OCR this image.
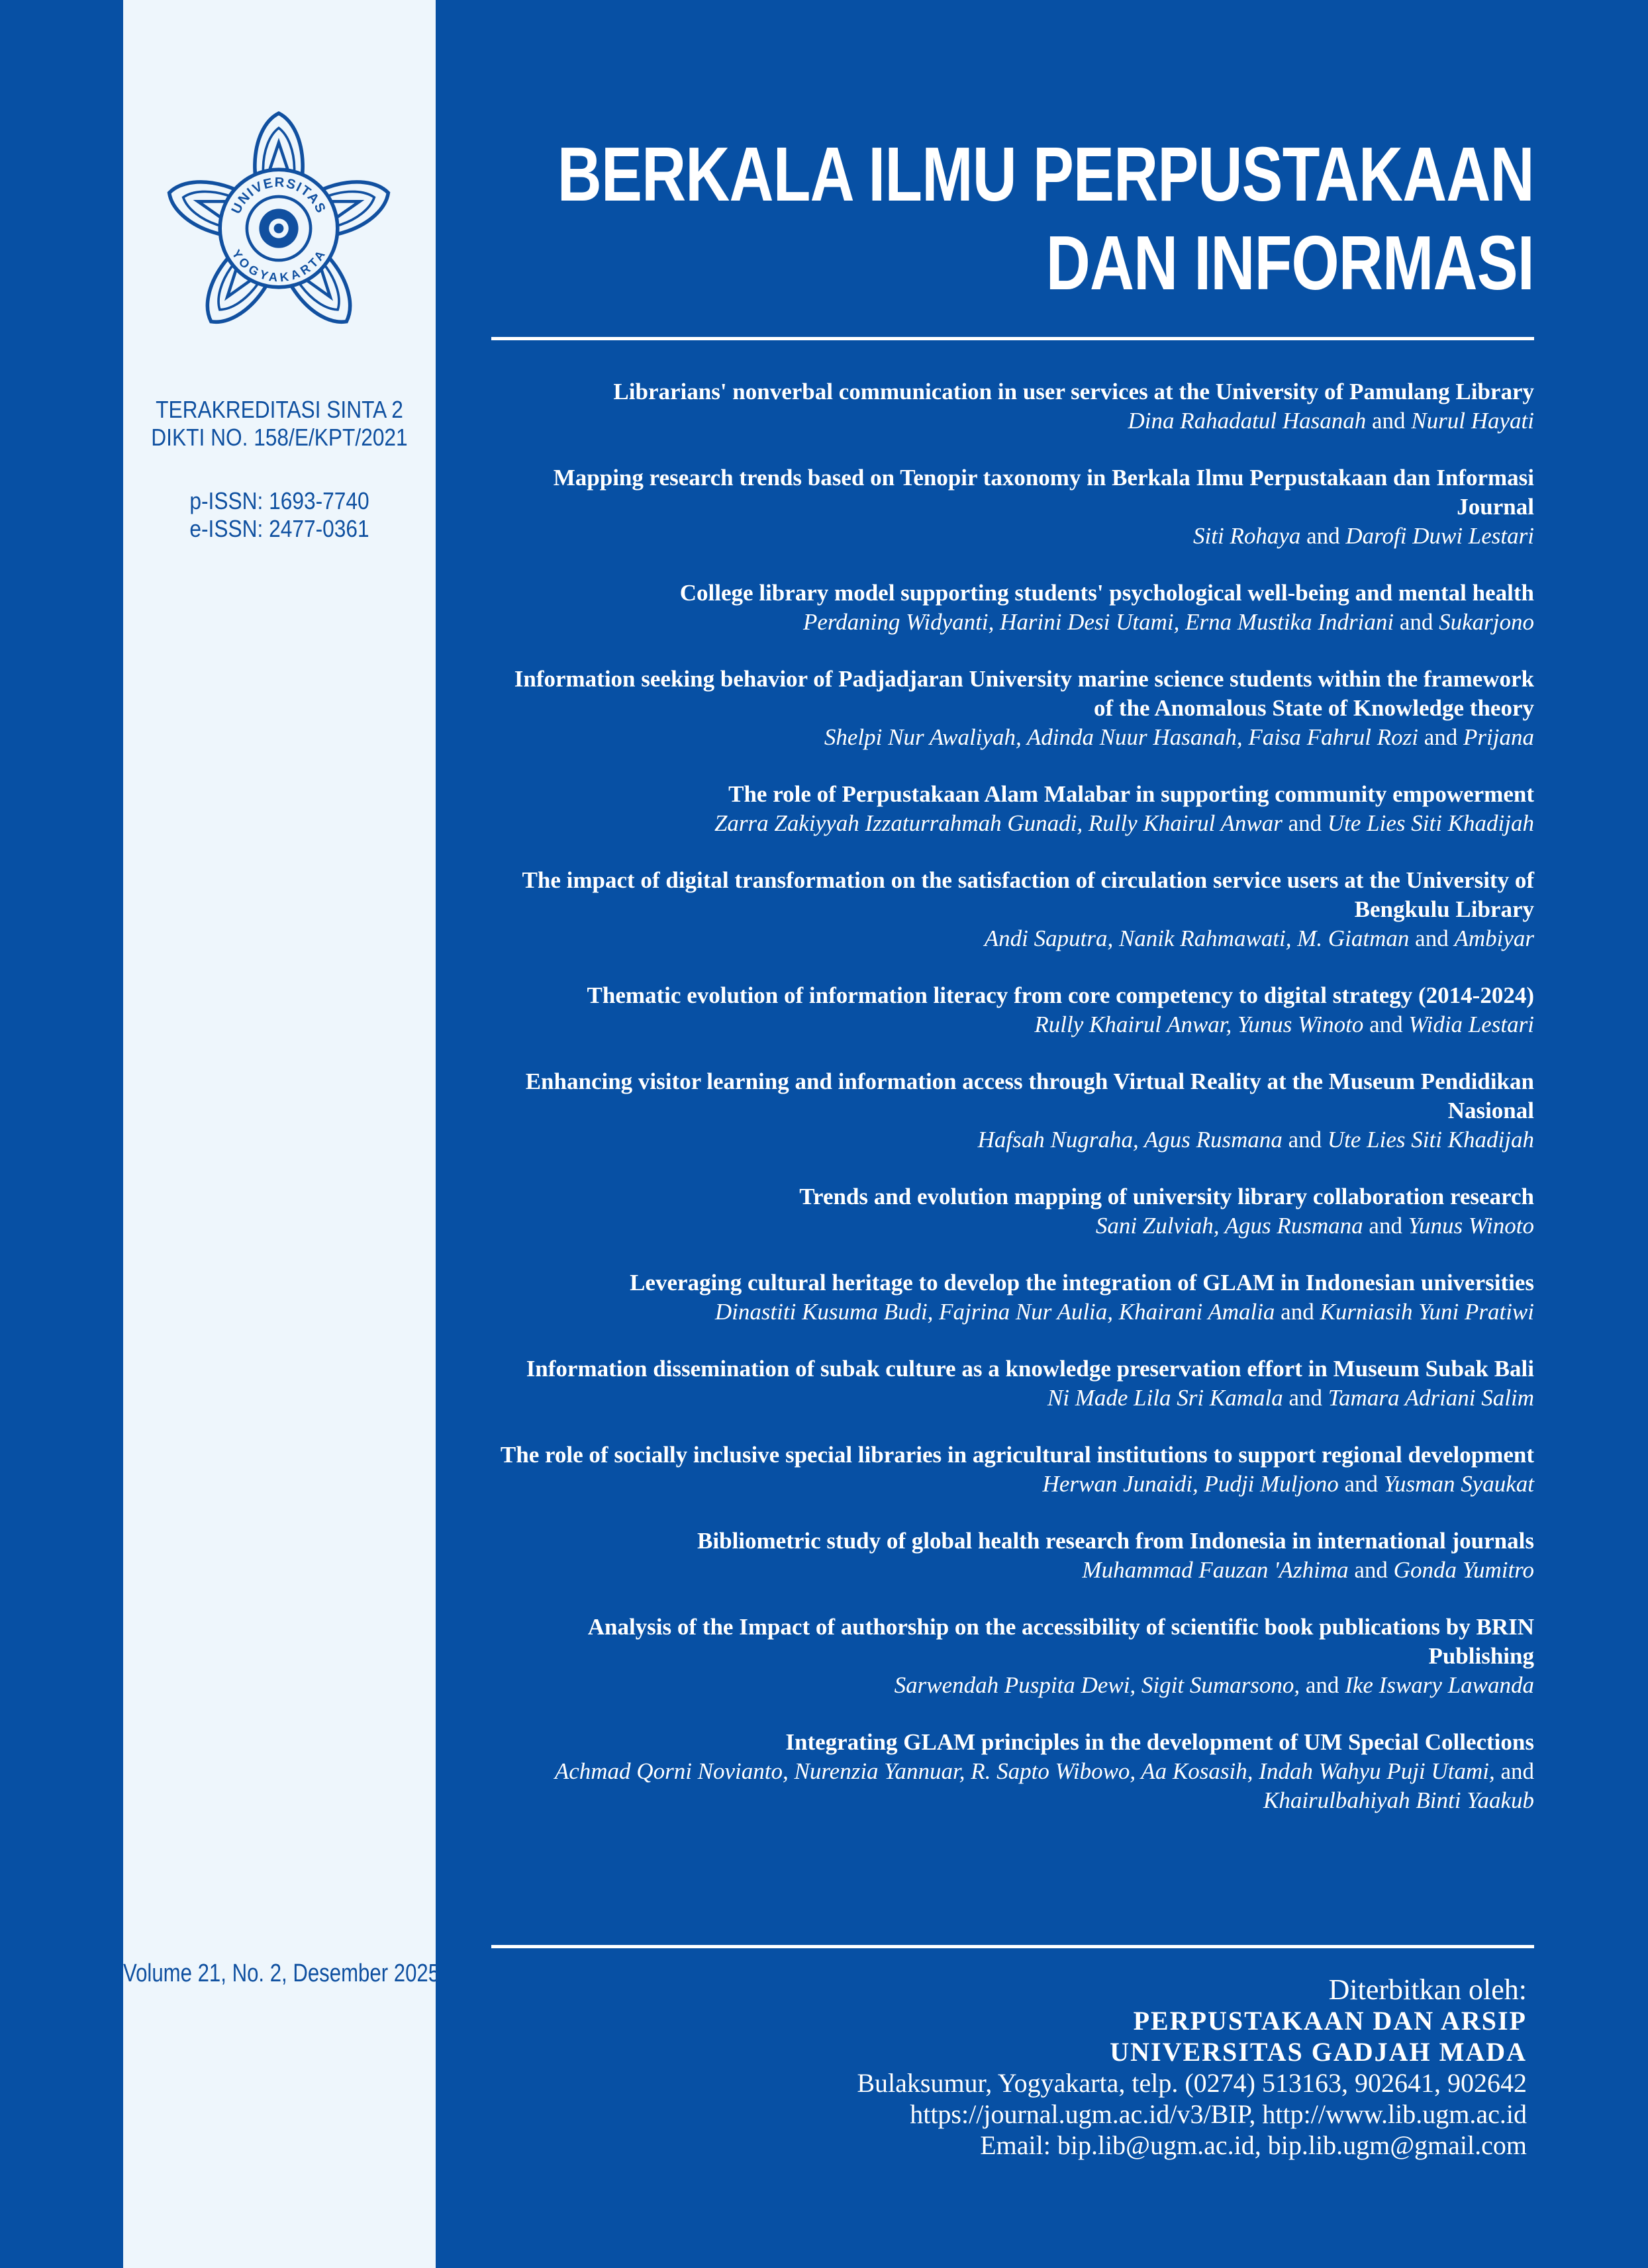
UNIVERSITAS
YOGYAKARTA
TERAKREDITASI SINTA 2
DIKTI NO. 158/E/KPT/2021
p-ISSN: 1693-7740
e-ISSN: 2477-0361
Volume 21, No. 2, Desember 2025
BERKALA ILMU PERPUSTAKAAN
DAN INFORMASI
Librarians' nonverbal communication in user services at the University of Pamulang Library
Dina Rahadatul Hasanah and Nurul Hayati
Mapping research trends based on Tenopir taxonomy in Berkala Ilmu Perpustakaan dan Informasi Journal
Siti Rohaya and Darofi Duwi Lestari
College library model supporting students' psychological well-being and mental health
Perdaning Widyanti, Harini Desi Utami, Erna Mustika Indriani and Sukarjono
Information seeking behavior of Padjadjaran University marine science students within the framework of the Anomalous State of Knowledge theory
Shelpi Nur Awaliyah, Adinda Nuur Hasanah, Faisa Fahrul Rozi and Prijana
The role of Perpustakaan Alam Malabar in supporting community empowerment
Zarra Zakiyyah Izzaturrahmah Gunadi, Rully Khairul Anwar and Ute Lies Siti Khadijah
The impact of digital transformation on the satisfaction of circulation service users at the University of Bengkulu Library
Andi Saputra, Nanik Rahmawati, M. Giatman and Ambiyar
Thematic evolution of information literacy from core competency to digital strategy (2014-2024)
Rully Khairul Anwar, Yunus Winoto and Widia Lestari
Enhancing visitor learning and information access through Virtual Reality at the Museum Pendidikan Nasional
Hafsah Nugraha, Agus Rusmana and Ute Lies Siti Khadijah
Trends and evolution mapping of university library collaboration research
Sani Zulviah, Agus Rusmana and Yunus Winoto
Leveraging cultural heritage to develop the integration of GLAM in Indonesian universities
Dinastiti Kusuma Budi, Fajrina Nur Aulia, Khairani Amalia and Kurniasih Yuni Pratiwi
Information dissemination of subak culture as a knowledge preservation effort in Museum Subak Bali
Ni Made Lila Sri Kamala and Tamara Adriani Salim
The role of socially inclusive special libraries in agricultural institutions to support regional development
Herwan Junaidi, Pudji Muljono and Yusman Syaukat
Bibliometric study of global health research from Indonesia in international journals
Muhammad Fauzan 'Azhima and Gonda Yumitro
Analysis of the Impact of authorship on the accessibility of scientific book publications by BRIN Publishing
Sarwendah Puspita Dewi, Sigit Sumarsono, and Ike Iswary Lawanda
Integrating GLAM principles in the development of UM Special Collections
Achmad Qorni Novianto, Nurenzia Yannuar, R. Sapto Wibowo, Aa Kosasih, Indah Wahyu Puji Utami, and Khairulbahiyah Binti Yaakub
Diterbitkan oleh:
PERPUSTAKAAN DAN ARSIP
UNIVERSITAS GADJAH MADA
Bulaksumur, Yogyakarta, telp. (0274) 513163, 902641, 902642
https://journal.ugm.ac.id/v3/BIP, http://www.lib.ugm.ac.id
Email: bip.lib@ugm.ac.id, bip.lib.ugm@gmail.com
